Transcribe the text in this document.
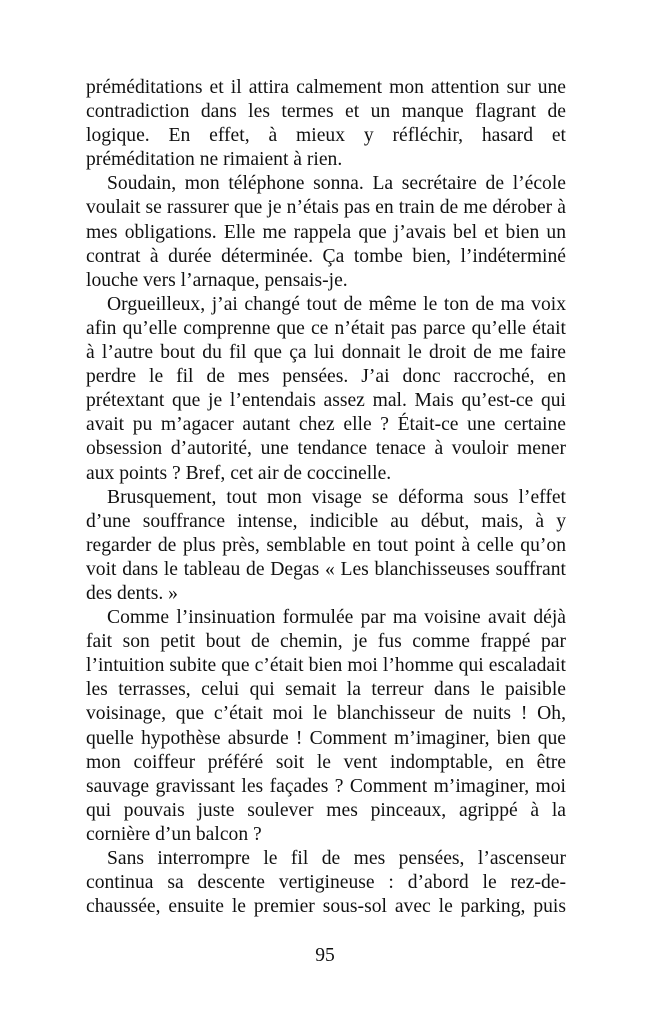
préméditations et il attira calmement mon attention sur une contradiction dans les termes et un manque flagrant de logique. En effet, à mieux y réfléchir, hasard et préméditation ne rimaient à rien.

Soudain, mon téléphone sonna. La secrétaire de l’école voulait se rassurer que je n’étais pas en train de me dérober à mes obligations. Elle me rappela que j’avais bel et bien un contrat à durée déterminée. Ça tombe bien, l’indéterminé louche vers l’arnaque, pensais-je.

Orgueilleux, j’ai changé tout de même le ton de ma voix afin qu’elle comprenne que ce n’était pas parce qu’elle était à l’autre bout du fil que ça lui donnait le droit de me faire perdre le fil de mes pensées. J’ai donc raccroché, en prétextant que je l’entendais assez mal. Mais qu’est-ce qui avait pu m’agacer autant chez elle ? Était-ce une certaine obsession d’autorité, une tendance tenace à vouloir mener aux points ? Bref, cet air de coccinelle.

Brusquement, tout mon visage se déforma sous l’effet d’une souffrance intense, indicible au début, mais, à y regarder de plus près, semblable en tout point à celle qu’on voit dans le tableau de Degas « Les blanchisseuses souffrant des dents. »

Comme l’insinuation formulée par ma voisine avait déjà fait son petit bout de chemin, je fus comme frappé par l’intuition subite que c’était bien moi l’homme qui escaladait les terrasses, celui qui semait la terreur dans le paisible voisinage, que c’était moi le blanchisseur de nuits ! Oh, quelle hypothèse absurde ! Comment m’imaginer, bien que mon coiffeur préféré soit le vent indomptable, en être sauvage gravissant les façades ? Comment m’imaginer, moi qui pouvais juste soulever mes pinceaux, agrippé à la cornière d’un balcon ?

Sans interrompre le fil de mes pensées, l’ascenseur continua sa descente vertigineuse : d’abord le rez-de-chaussée, ensuite le premier sous-sol avec le parking, puis

95
